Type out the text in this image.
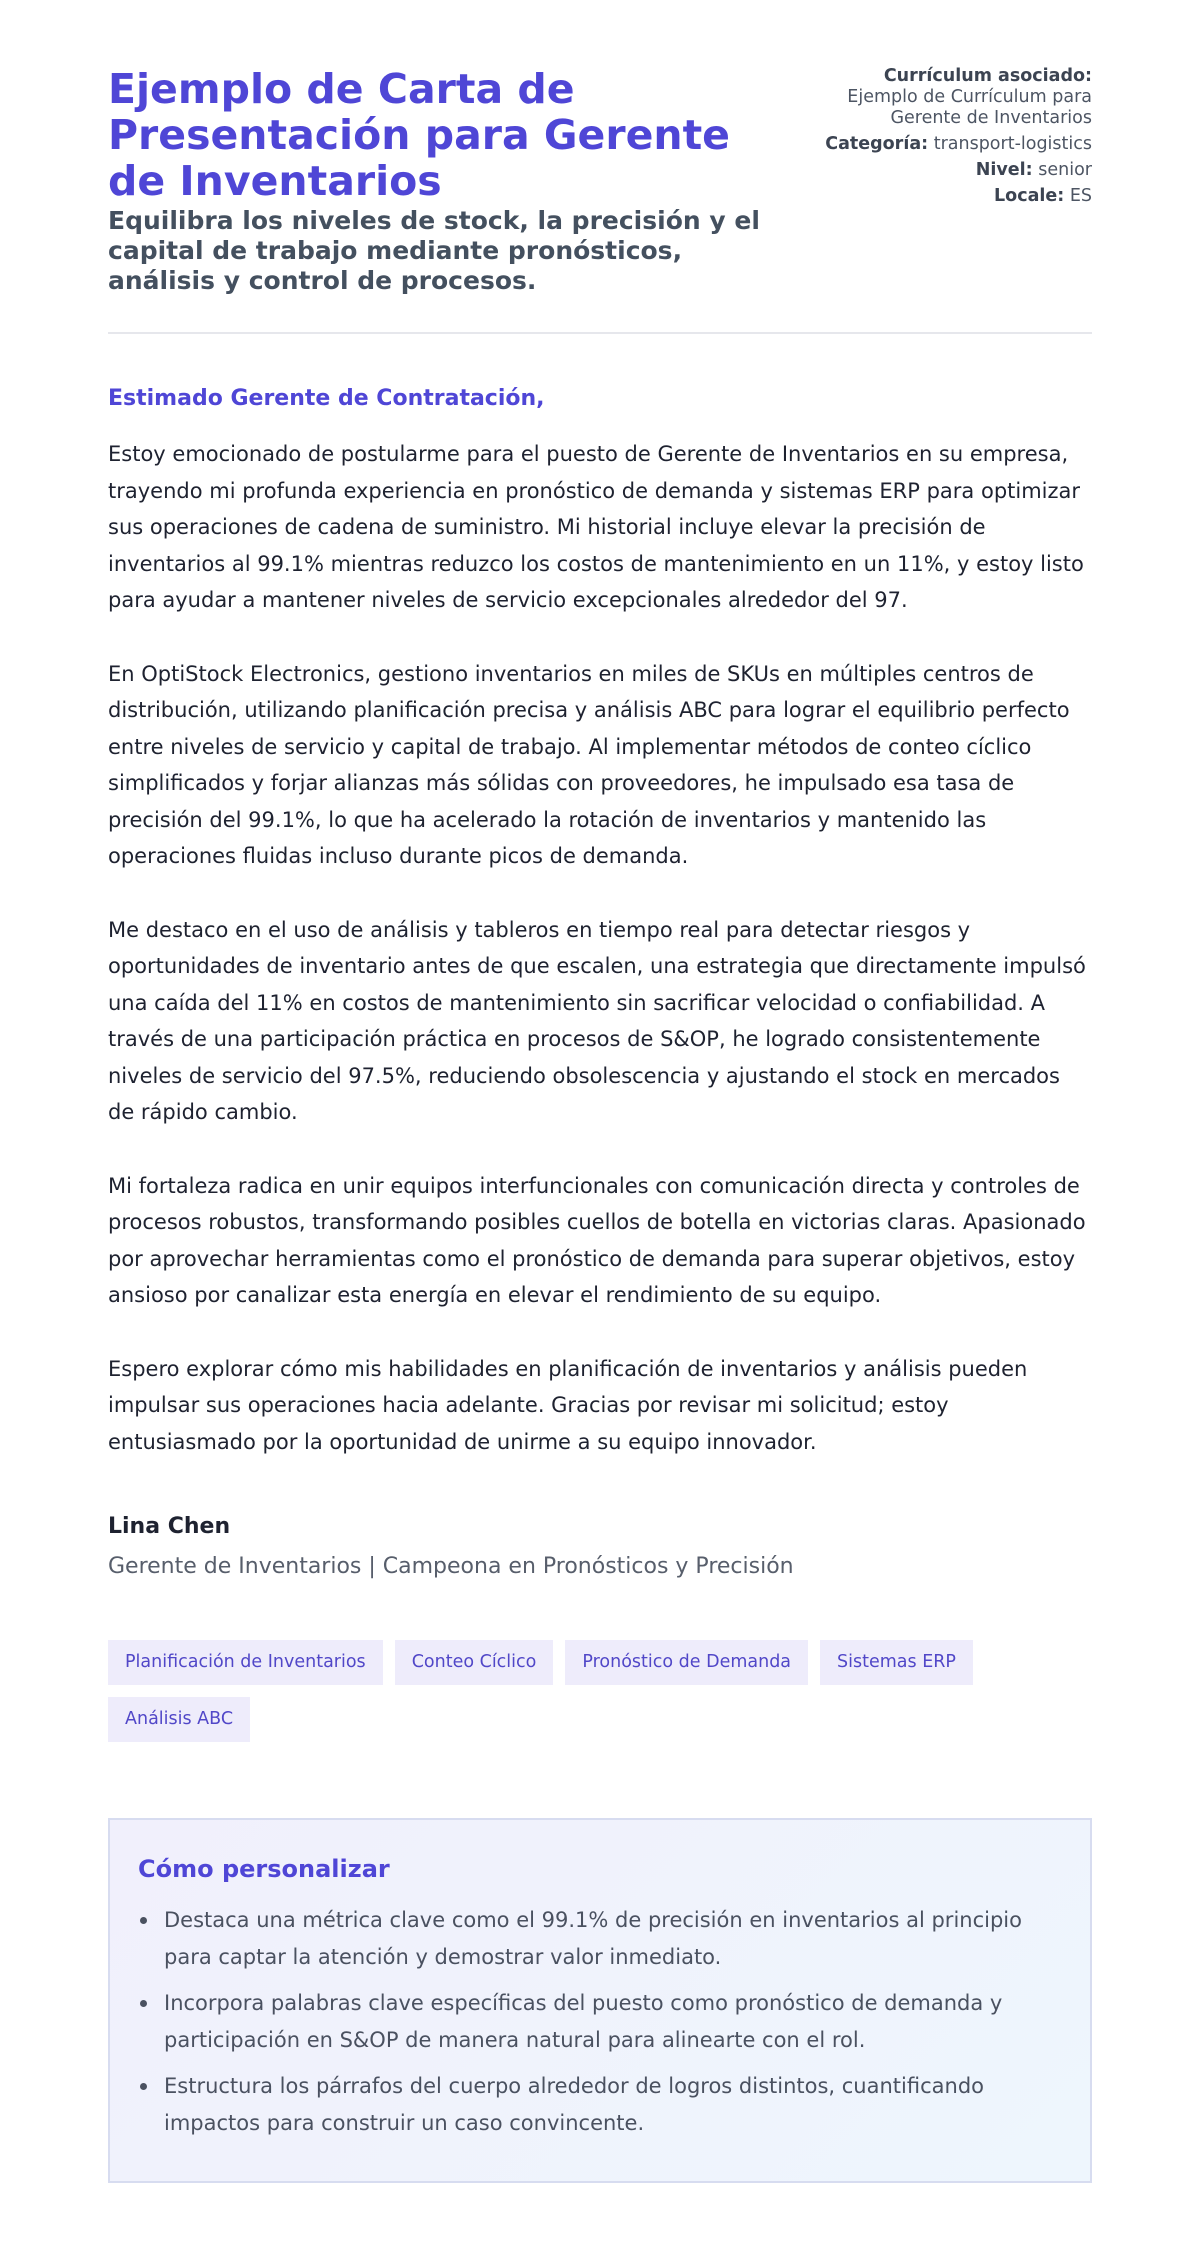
Ejemplo de Carta de Presentación para Gerente de Inventarios
Equilibra los niveles de stock, la precisión y el capital de trabajo mediante pronósticos, análisis y control de procesos.
Currículum asociado:
Ejemplo de Currículum para Gerente de Inventarios
Categoría: transport-logistics
Nivel: senior
Locale: ES
Estimado Gerente de Contratación,

Estoy emocionado de postularme para el puesto de Gerente de Inventarios en su empresa, trayendo mi profunda experiencia en pronóstico de demanda y sistemas ERP para optimizar sus operaciones de cadena de suministro. Mi historial incluye elevar la precisión de inventarios al 99.1% mientras reduzco los costos de mantenimiento en un 11%, y estoy listo para ayudar a mantener niveles de servicio excepcionales alrededor del 97.

En OptiStock Electronics, gestiono inventarios en miles de SKUs en múltiples centros de distribución, utilizando planificación precisa y análisis ABC para lograr el equilibrio perfecto entre niveles de servicio y capital de trabajo. Al implementar métodos de conteo cíclico simplificados y forjar alianzas más sólidas con proveedores, he impulsado esa tasa de precisión del 99.1%, lo que ha acelerado la rotación de inventarios y mantenido las operaciones fluidas incluso durante picos de demanda.

Me destaco en el uso de análisis y tableros en tiempo real para detectar riesgos y oportunidades de inventario antes de que escalen, una estrategia que directamente impulsó una caída del 11% en costos de mantenimiento sin sacrificar velocidad o confiabilidad. A través de una participación práctica en procesos de S&OP, he logrado consistentemente niveles de servicio del 97.5%, reduciendo obsolescencia y ajustando el stock en mercados de rápido cambio.

Mi fortaleza radica en unir equipos interfuncionales con comunicación directa y controles de procesos robustos, transformando posibles cuellos de botella en victorias claras. Apasionado por aprovechar herramientas como el pronóstico de demanda para superar objetivos, estoy ansioso por canalizar esta energía en elevar el rendimiento de su equipo.

Espero explorar cómo mis habilidades en planificación de inventarios y análisis pueden impulsar sus operaciones hacia adelante. Gracias por revisar mi solicitud; estoy entusiasmado por la oportunidad de unirme a su equipo innovador.

Lina Chen
Gerente de Inventarios | Campeona en Pronósticos y Precisión
Planificación de Inventarios	Conteo Cíclico	Pronóstico de Demanda	Sistemas ERP
Análisis ABC
Cómo personalizar
Destaca una métrica clave como el 99.1% de precisión en inventarios al principio para captar la atención y demostrar valor inmediato.
Incorpora palabras clave específicas del puesto como pronóstico de demanda y participación en S&OP de manera natural para alinearte con el rol.
Estructura los párrafos del cuerpo alrededor de logros distintos, cuantificando impactos para construir un caso convincente.
